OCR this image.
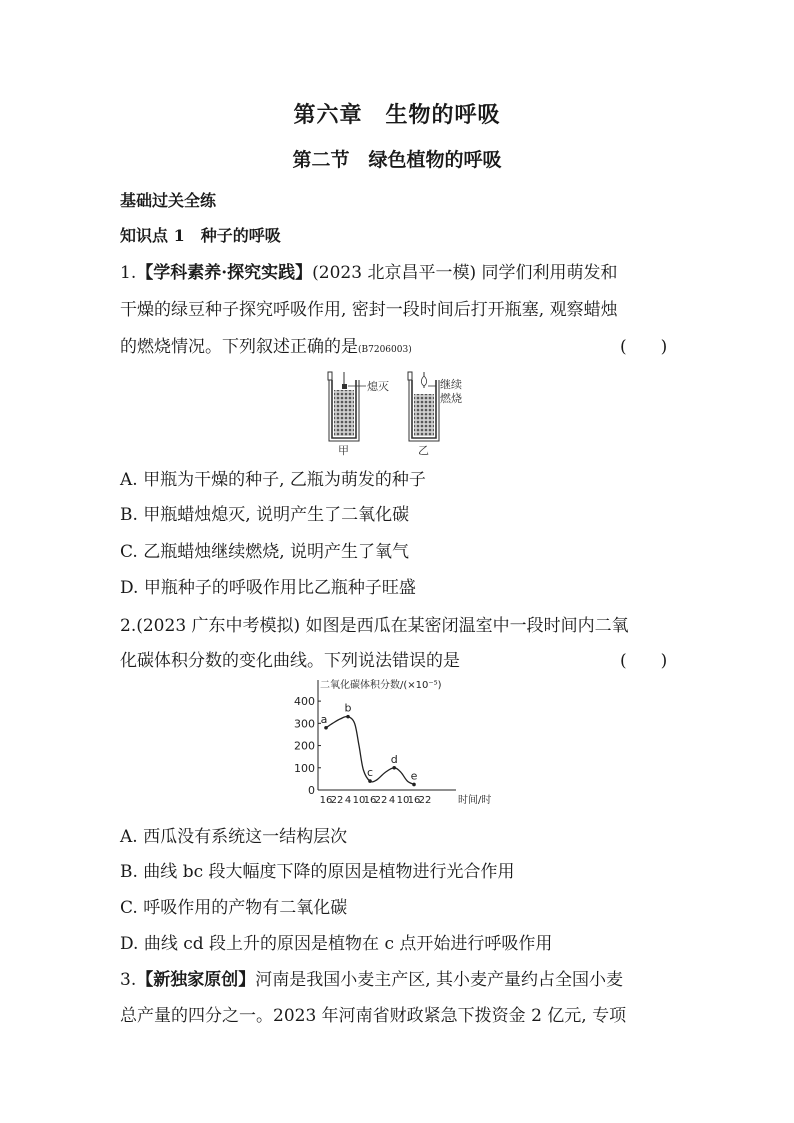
第六章　生物的呼吸
第二节　绿色植物的呼吸
基础过关全练
知识点 1　种子的呼吸
1.【学科素养·探究实践】(2023 北京昌平一模) 同学们利用萌发和
干燥的绿豆种子探究呼吸作用, 密封一段时间后打开瓶塞, 观察蜡烛
的燃烧情况。下列叙述正确的是(B7206003)	(　　)
熄灭	继续
燃烧
甲	乙
A. 甲瓶为干燥的种子, 乙瓶为萌发的种子
B. 甲瓶蜡烛熄灭, 说明产生了二氧化碳
C. 乙瓶蜡烛继续燃烧, 说明产生了氧气
D. 甲瓶种子的呼吸作用比乙瓶种子旺盛
2.(2023 广东中考模拟) 如图是西瓜在某密闭温室中一段时间内二氧
化碳体积分数的变化曲线。下列说法错误的是	(　　)
二氧化碳体积分数/(×10⁻⁵)
时间/时
0
100
200
300
400
16
22 4 10
16
22 4 10
16
22
a
b
c
d
e
A. 西瓜没有系统这一结构层次
B. 曲线 bc 段大幅度下降的原因是植物进行光合作用
C. 呼吸作用的产物有二氧化碳
D. 曲线 cd 段上升的原因是植物在 c 点开始进行呼吸作用
3.【新独家原创】河南是我国小麦主产区, 其小麦产量约占全国小麦
总产量的四分之一。2023 年河南省财政紧急下拨资金 2 亿元, 专项
